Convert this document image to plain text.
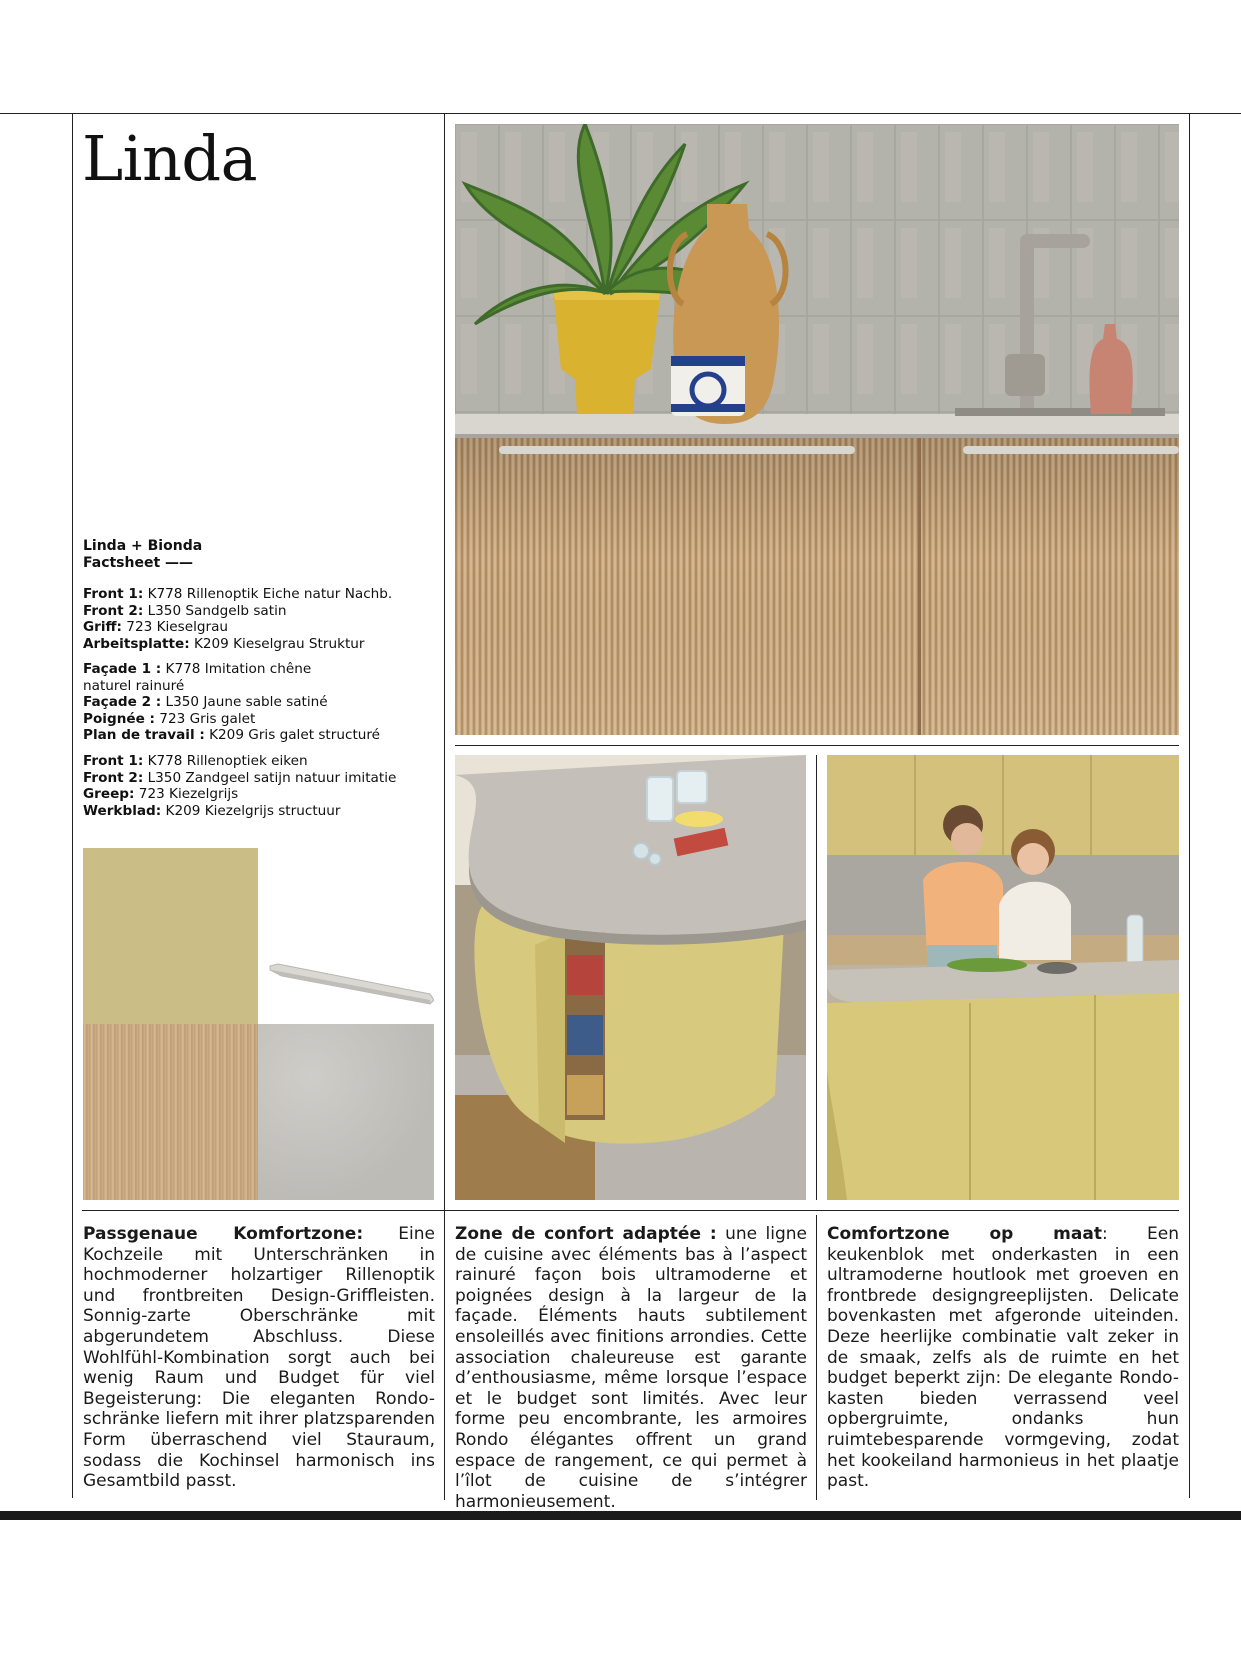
Linda
Linda + Bionda
Factsheet ——
Front 1: K778 Rillenoptik Eiche natur Nachb.
Front 2: L350 Sandgelb satin
Griff: 723 Kieselgrau
Arbeitsplatte: K209 Kieselgrau Struktur
Façade 1 : K778 Imitation chêne
naturel rainuré
Façade 2 : L350 Jaune sable satiné
Poignée : 723 Gris galet
Plan de travail : K209 Gris galet structuré
Front 1: K778 Rillenoptiek eiken
Front 2: L350 Zandgeel satijn natuur imitatie
Greep: 723 Kiezelgrijs
Werkblad: K209 Kiezelgrijs structuur
Passgenaue Komfortzone: Eine Kochzeile mit Unterschränken in hochmoderner holzartiger Rillenoptik und frontbreiten Design-Griffleisten. Sonnig-zarte Oberschränke mit abgerundetem Abschluss. Diese Wohlfühl-Kombination sorgt auch bei wenig Raum und Budget für viel Begeisterung: Die eleganten Rondo-schränke liefern mit ihrer platzsparenden Form überraschend viel Stauraum, sodass die Kochinsel harmonisch ins Gesamtbild passt.
Zone de confort adaptée : une ligne de cuisine avec éléments bas à l’aspect rainuré façon bois ultramoderne et poignées design à la largeur de la façade. Éléments hauts subtilement ensoleillés avec finitions arrondies. Cette association chaleureuse est garante d’enthousiasme, même lorsque l’espace et le budget sont limités. Avec leur forme peu encombrante, les armoires Rondo élégantes offrent un grand espace de rangement, ce qui permet à l’îlot de cuisine de s’intégrer harmonieusement.
Comfortzone op maat: Een keukenblok met onderkasten in een ultramoderne houtlook met groeven en frontbrede designgreeplijsten. Delicate bovenkasten met afgeronde uiteinden. Deze heerlijke combinatie valt zeker in de smaak, zelfs als de ruimte en het budget beperkt zijn: De elegante Rondo-kasten bieden verrassend veel opbergruimte, ondanks hun ruimtebesparende vormgeving, zodat het kookeiland harmonieus in het plaatje past.
